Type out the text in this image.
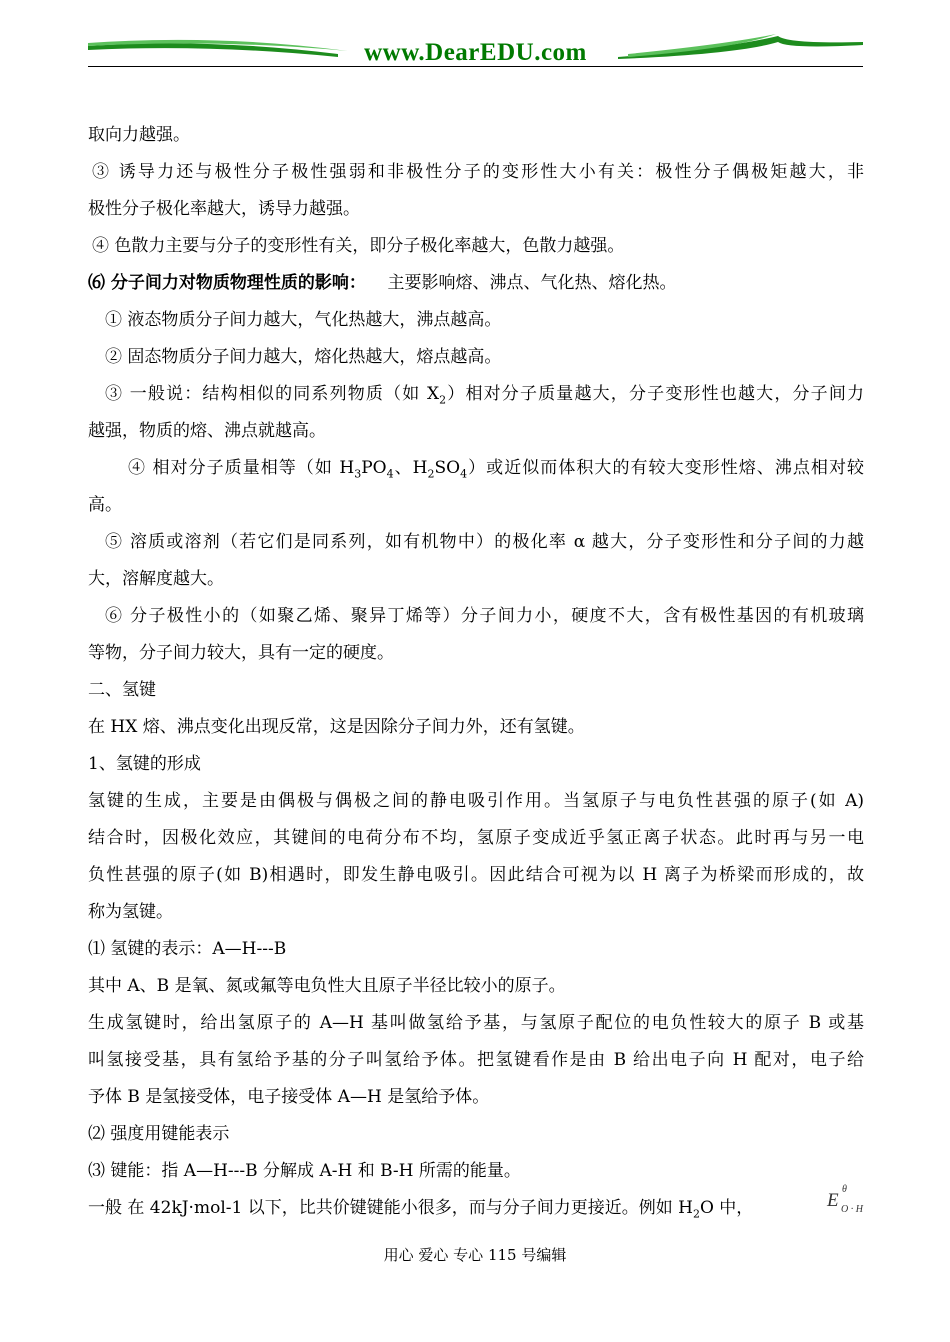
www.DearEDU.com
取向力越强。
③ 诱导力还与极性分子极性强弱和非极性分子的变形性大小有关：极性分子偶极矩越大，非
极性分子极化率越大，诱导力越强。
④ 色散力主要与分子的变形性有关，即分子极化率越大，色散力越强。
⑹ 分子间力对物质物理性质的影响： 主要影响熔、沸点、气化热、熔化热。
① 液态物质分子间力越大，气化热越大，沸点越高。
② 固态物质分子间力越大，熔化热越大，熔点越高。
③ 一般说：结构相似的同系列物质（如 $X_2$）相对分子质量越大，分子变形性也越大，分子间力
越强，物质的熔、沸点就越高。
④ 相对分子质量相等（如 $H_3PO_4$、$H_2SO_4$）或近似而体积大的有较大变形性熔、沸点相对较
高。
⑤ 溶质或溶剂（若它们是同系列，如有机物中）的极化率 α 越大，分子变形性和分子间的力越
大，溶解度越大。
⑥ 分子极性小的（如聚乙烯、聚异丁烯等）分子间力小，硬度不大，含有极性基因的有机玻璃
等物，分子间力较大，具有一定的硬度。
二、氢键
在 HX 熔、沸点变化出现反常，这是因除分子间力外，还有氢键。
1、氢键的形成
氢键的生成，主要是由偶极与偶极之间的静电吸引作用。当氢原子与电负性甚强的原子(如 A)
结合时，因极化效应，其键间的电荷分布不均，氢原子变成近乎氢正离子状态。此时再与另一电
负性甚强的原子(如 B)相遇时，即发生静电吸引。因此结合可视为以 H 离子为桥梁而形成的，故
称为氢键。
⑴ 氢键的表示：A—H---B
其中 A、B 是氧、氮或氟等电负性大且原子半径比较小的原子。
生成氢键时，给出氢原子的 A—H 基叫做氢给予基，与氢原子配位的电负性较大的原子 B 或基
叫氢接受基，具有氢给予基的分子叫氢给予体。把氢键看作是由 B 给出电子向 H 配对，电子给
予体 B 是氢接受体，电子接受体 A—H 是氢给予体。
⑵ 强度用键能表示
⑶ 键能：指 A—H---B 分解成 A-H 和 B-H 所需的能量。
一般 在 42kJ·mol-1 以下，比共价键键能小很多，而与分子间力更接近。例如 $H_2O$ 中，	E
θ
O · H
用心 爱心 专心 115 号编辑
